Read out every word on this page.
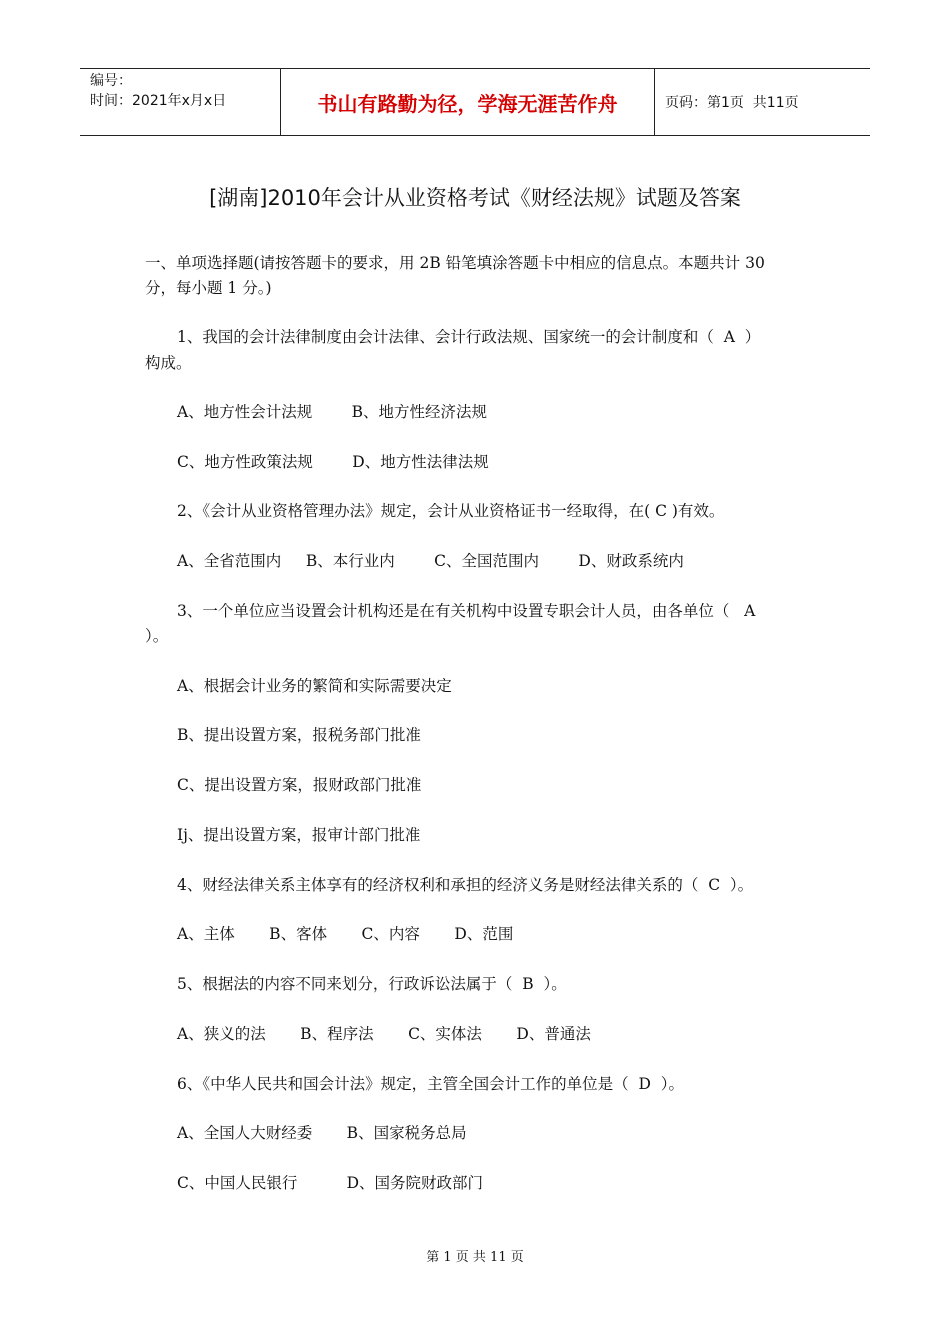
编号：
时间：2021年x月x日	书山有路勤为径，学海无涯苦作舟	页码：第1页  共11页
[湖南]2010年会计从业资格考试《财经法规》试题及答案
一、单项选择题(请按答题卡的要求，用 2B 铅笔填涂答题卡中相应的信息点。本题共计 30
分，每小题 1 分。)
1、我国的会计法律制度由会计法律、会计行政法规、国家统一的会计制度和（  A  ）
构成。
A、地方性会计法规        B、地方性经济法规
C、地方性政策法规        D、地方性法律法规
2、《会计从业资格管理办法》规定，会计从业资格证书一经取得，在( C )有效。
A、全省范围内     B、本行业内        C、全国范围内        D、财政系统内
3、一个单位应当设置会计机构还是在有关机构中设置专职会计人员，由各单位（   A
）。
A、根据会计业务的繁简和实际需要决定
B、提出设置方案，报税务部门批准
C、提出设置方案，报财政部门批准
Ij、提出设置方案，报审计部门批准
4、财经法律关系主体享有的经济权利和承担的经济义务是财经法律关系的（  C  ）。
A、主体       B、客体       C、内容       D、范围
5、根据法的内容不同来划分，行政诉讼法属于（  B  ）。
A、狭义的法       B、程序法       C、实体法       D、普通法
6、《中华人民共和国会计法》规定，主管全国会计工作的单位是（  D  ）。
A、全国人大财经委       B、国家税务总局
C、中国人民银行          D、国务院财政部门
第 1 页 共 11 页
